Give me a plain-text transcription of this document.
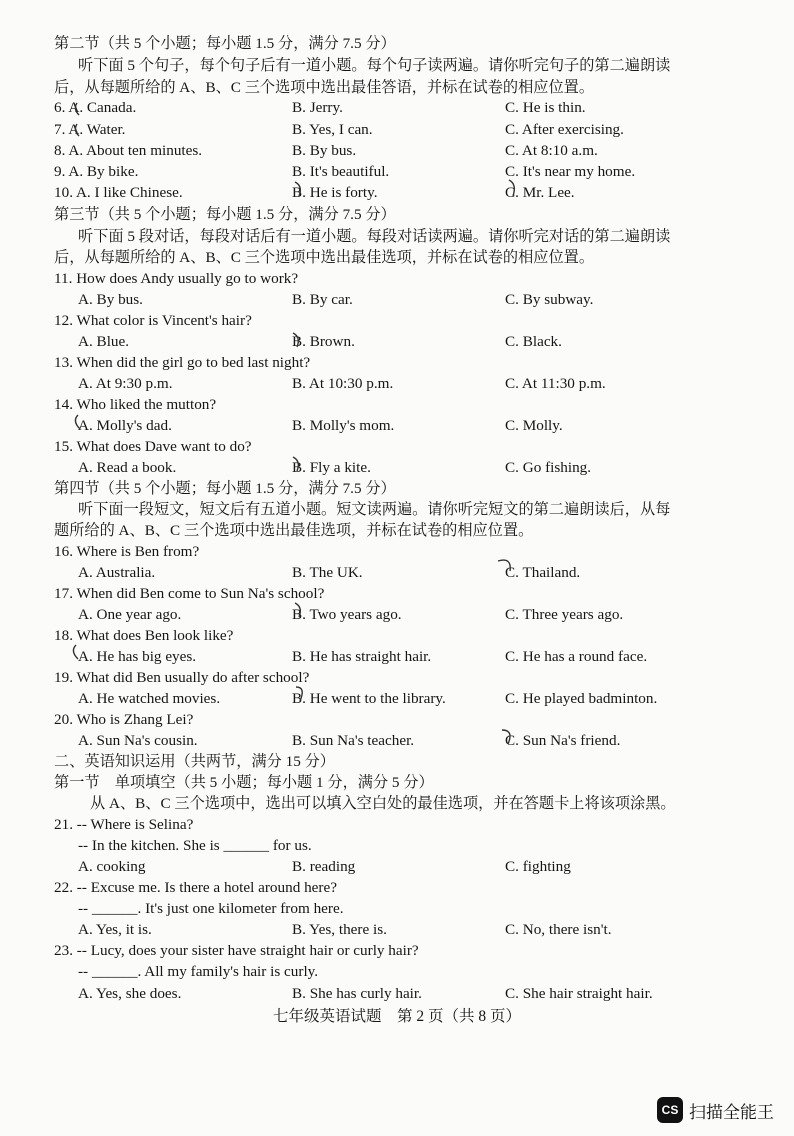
第二节（共 5 个小题；每小题 1.5 分，满分 7.5 分）
听下面 5 个句子，每个句子后有一道小题。每个句子读两遍。请你听完句子的第二遍朗读
后，从每题所给的 A、B、C 三个选项中选出最佳答语，并标在试卷的相应位置。
6. A. Canada.	B. Jerry.	C. He is thin.
7. A. Water.	B. Yes, I can.	C. After exercising.
8. A. About ten minutes.	B. By bus.	C. At 8:10 a.m.
9. A. By bike.	B. It's beautiful.	C. It's near my home.
10. A. I like Chinese.	B. He is forty.	C. Mr. Lee.
第三节（共 5 个小题；每小题 1.5 分，满分 7.5 分）
听下面 5 段对话，每段对话后有一道小题。每段对话读两遍。请你听完对话的第二遍朗读
后，从每题所给的 A、B、C 三个选项中选出最佳选项，并标在试卷的相应位置。
11. How does Andy usually go to work?
A. By bus.	B. By car.	C. By subway.
12. What color is Vincent's hair?
A. Blue.	B. Brown.	C. Black.
13. When did the girl go to bed last night?
A. At 9:30 p.m.	B. At 10:30 p.m.	C. At 11:30 p.m.
14. Who liked the mutton?
A. Molly's dad.	B. Molly's mom.	C. Molly.
15. What does Dave want to do?
A. Read a book.	B. Fly a kite.	C. Go fishing.
第四节（共 5 个小题；每小题 1.5 分，满分 7.5 分）
听下面一段短文，短文后有五道小题。短文读两遍。请你听完短文的第二遍朗读后，从每
题所给的 A、B、C 三个选项中选出最佳选项，并标在试卷的相应位置。
16. Where is Ben from?
A. Australia.	B. The UK.	C. Thailand.
17. When did Ben come to Sun Na's school?
A. One year ago.	B. Two years ago.	C. Three years ago.
18. What does Ben look like?
A. He has big eyes.	B. He has straight hair.	C. He has a round face.
19. What did Ben usually do after school?
A. He watched movies.	B. He went to the library.	C. He played badminton.
20. Who is Zhang Lei?
A. Sun Na's cousin.	B. Sun Na's teacher.	C. Sun Na's friend.
二、英语知识运用（共两节，满分 15 分）
第一节　单项填空（共 5 小题；每小题 1 分，满分 5 分）
从 A、B、C 三个选项中，选出可以填入空白处的最佳选项，并在答题卡上将该项涂黑。
21. -- Where is Selina?
-- In the kitchen. She is ______ for us.
A. cooking	B. reading	C. fighting
22. -- Excuse me. Is there a hotel around here?
-- ______. It's just one kilometer from here.
A. Yes, it is.	B. Yes, there is.	C. No, there isn't.
23. -- Lucy, does your sister have straight hair or curly hair?
-- ______. All my family's hair is curly.
A. Yes, she does.	B. She has curly hair.	C. She hair straight hair.
七年级英语试题　第 2 页（共 8 页）
CS 扫描全能王
